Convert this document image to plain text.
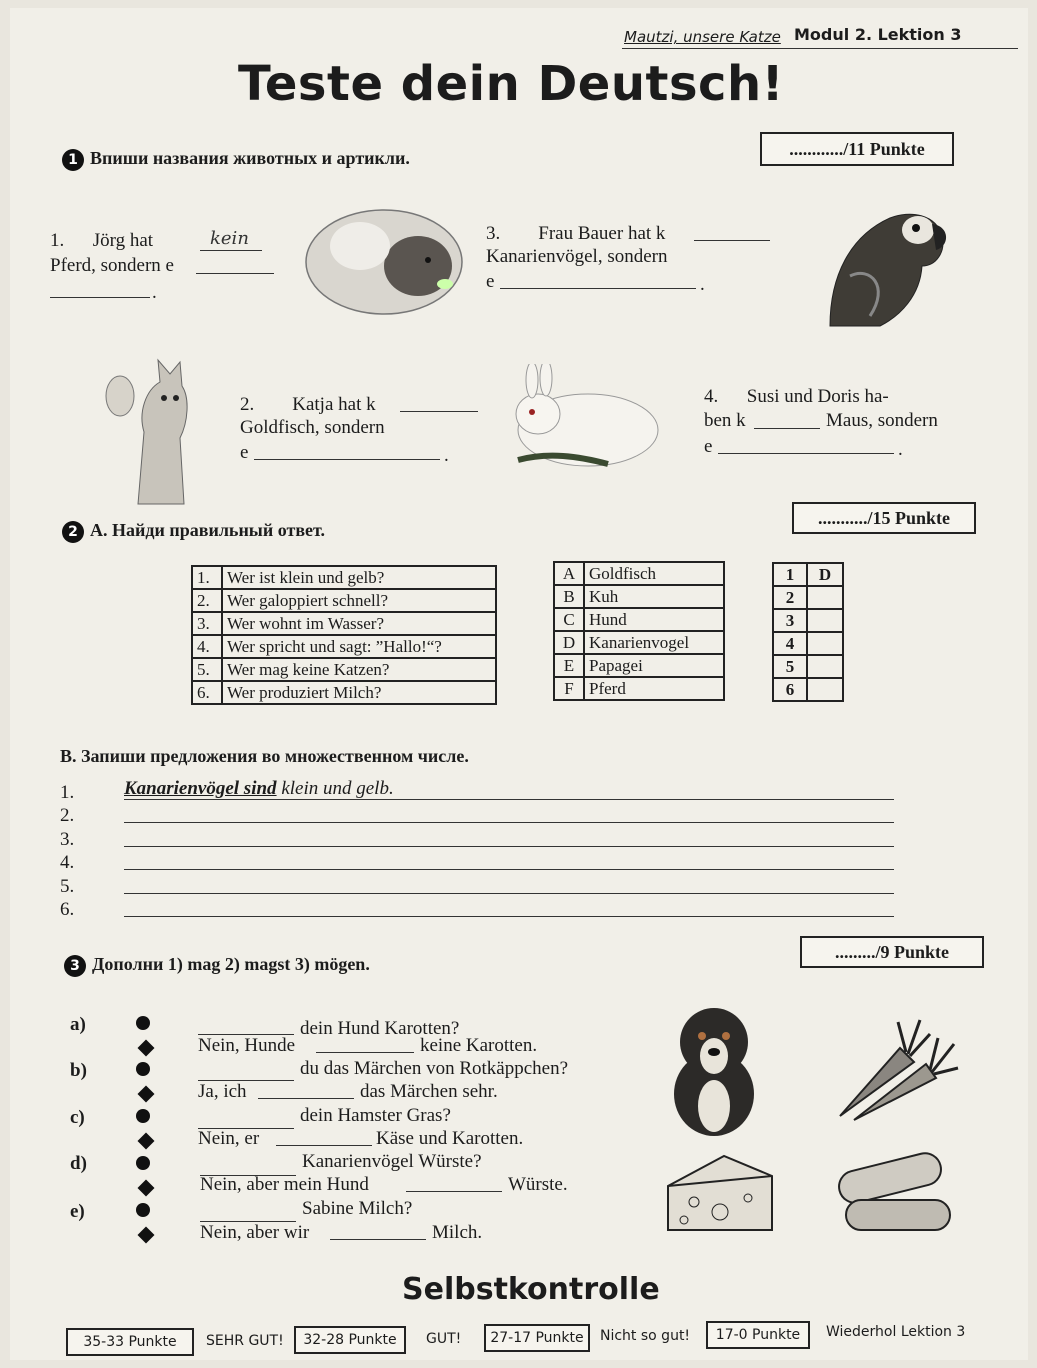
Mautzi, unsere Katze Modul 2. Lektion 3
Teste dein Deutsch!
1 Впиши названия животных и артикли.	............/11 Punkte
1. Jörg hat	kein
Pferd, sondern e
.
3. Frau Bauer hat k
Kanarienvögel, sondern
e	.
2. Katja hat k
Goldfisch, sondern
e	.
4. Susi und Doris ha-
ben k	Maus, sondern
e	.
2 A. Найди правильный ответ.
.........../15 Punkte
1.	Wer ist klein und gelb?
2.	Wer galoppiert schnell?
3.	Wer wohnt im Wasser?
4.	Wer spricht und sagt: ”Hallo!“?
5.	Wer mag keine Katzen?
6.	Wer produziert Milch?
A	Goldfisch
B	Kuh
C	Hund
D	Kanarienvogel
E	Papagei
F	Pferd
1	D
2	
3	
4	
5	
6	
B. Запиши предложения во множественном числе.
1.	Kanarienvögel sind klein und gelb.
2.
3.
4.
5.
6.
3 Дополни 1) mag 2) magst 3) mögen.
........./9 Punkte
a)	dein Hund Karotten?
Nein, Hunde	keine Karotten.
b)	du das Märchen von Rotkäppchen?
Ja, ich	das Märchen sehr.
c)	dein Hamster Gras?
Nein, er	Käse und Karotten.
d)	Kanarienvögel Würste?
Nein, aber mein Hund	Würste.
e)	Sabine Milch?
Nein, aber wir	Milch.
Selbstkontrolle
35-33 Punkte	SEHR GUT!	32-28 Punkte	GUT!	27-17 Punkte	Nicht so gut!	17-0 Punkte	Wiederhol Lektion 3
